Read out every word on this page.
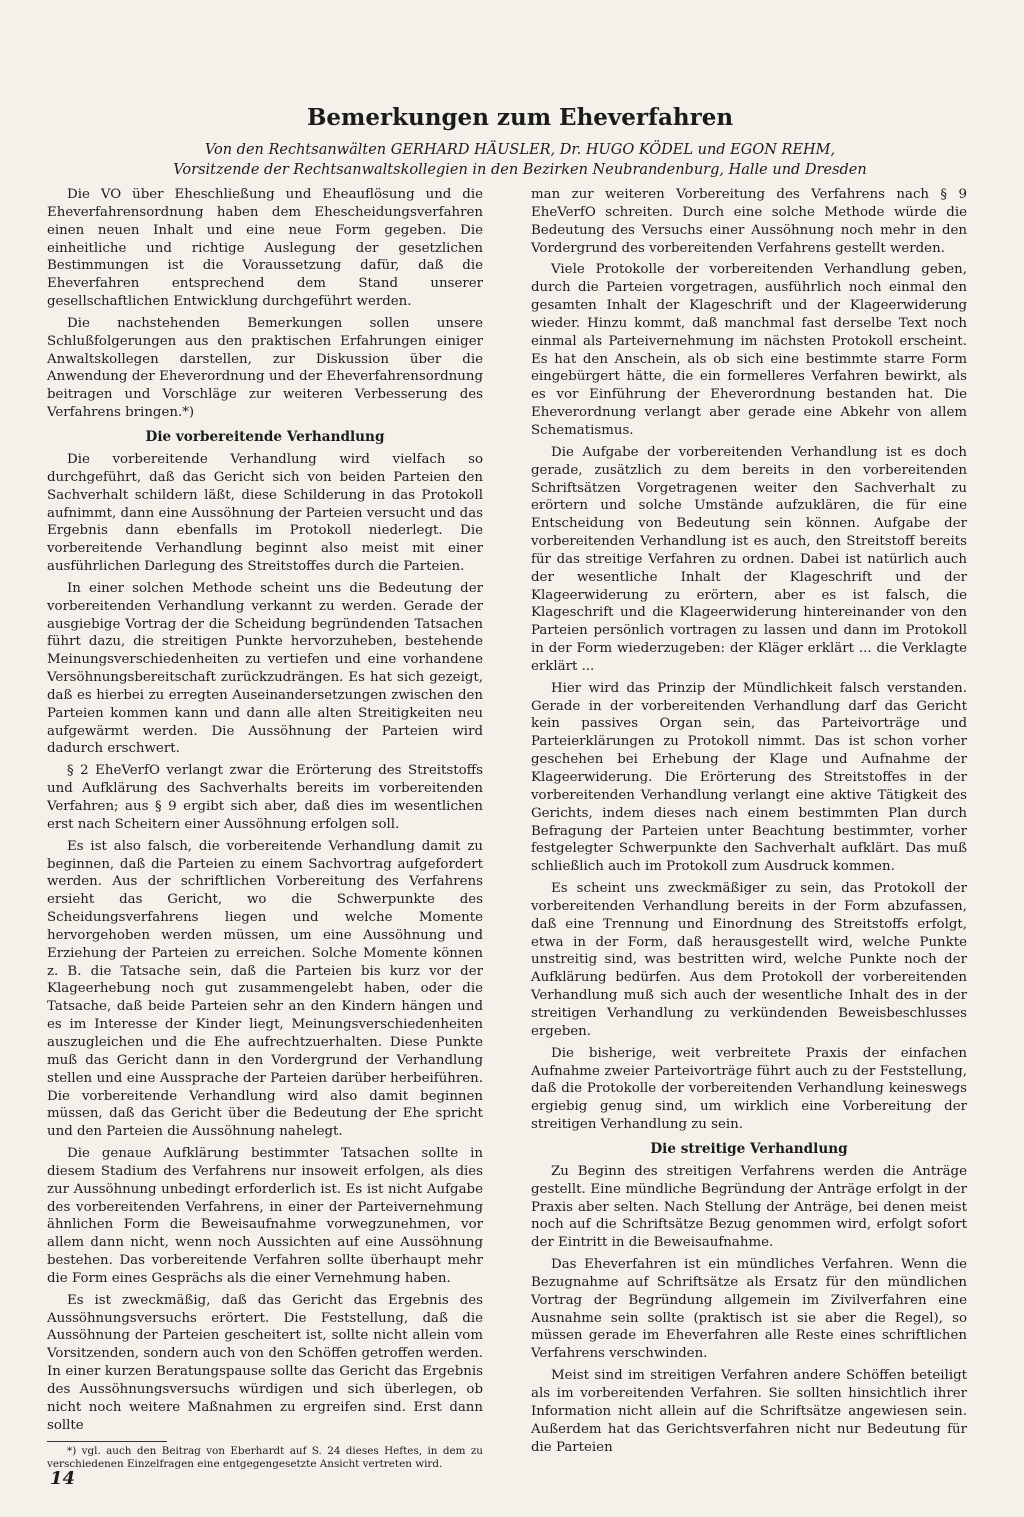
Bemerkungen zum Eheverfahren
Von den Rechtsanwälten GERHARD HÄUSLER, Dr. HUGO KÖDEL und EGON REHM,
Vorsitzende der Rechtsanwaltskollegien in den Bezirken Neubrandenburg, Halle und Dresden

Die VO über Eheschließung und Eheauflösung und die Eheverfahrensordnung haben dem Ehescheidungsverfahren einen neuen Inhalt und eine neue Form gegeben. Die einheitliche und richtige Auslegung der gesetzlichen Bestimmungen ist die Voraussetzung dafür, daß die Eheverfahren entsprechend dem Stand unserer gesellschaftlichen Entwicklung durchgeführt werden.

Die nachstehenden Bemerkungen sollen unsere Schlußfolgerungen aus den praktischen Erfahrungen einiger Anwaltskollegen darstellen, zur Diskussion über die Anwendung der Eheverordnung und der Eheverfahrensordnung beitragen und Vorschläge zur weiteren Verbesserung des Verfahrens bringen.*)

Die vorbereitende Verhandlung

Die vorbereitende Verhandlung wird vielfach so durchgeführt, daß das Gericht sich von beiden Parteien den Sachverhalt schildern läßt, diese Schilderung in das Protokoll aufnimmt, dann eine Aussöhnung der Parteien versucht und das Ergebnis dann ebenfalls im Protokoll niederlegt. Die vorbereitende Verhandlung beginnt also meist mit einer ausführlichen Darlegung des Streitstoffes durch die Parteien.

In einer solchen Methode scheint uns die Bedeutung der vorbereitenden Verhandlung verkannt zu werden. Gerade der ausgiebige Vortrag der die Scheidung begründenden Tatsachen führt dazu, die streitigen Punkte hervorzuheben, bestehende Meinungsverschiedenheiten zu vertiefen und eine vorhandene Versöhnungsbereitschaft zurückzudrängen. Es hat sich gezeigt, daß es hierbei zu erregten Auseinandersetzungen zwischen den Parteien kommen kann und dann alle alten Streitigkeiten neu aufgewärmt werden. Die Aussöhnung der Parteien wird dadurch erschwert.

§ 2 EheVerfO verlangt zwar die Erörterung des Streitstoffs und Aufklärung des Sachverhalts bereits im vorbereitenden Verfahren; aus § 9 ergibt sich aber, daß dies im wesentlichen erst nach Scheitern einer Aussöhnung erfolgen soll.

Es ist also falsch, die vorbereitende Verhandlung damit zu beginnen, daß die Parteien zu einem Sachvortrag aufgefordert werden. Aus der schriftlichen Vorbereitung des Verfahrens ersieht das Gericht, wo die Schwerpunkte des Scheidungsverfahrens liegen und welche Momente hervorgehoben werden müssen, um eine Aussöhnung und Erziehung der Parteien zu erreichen. Solche Momente können z. B. die Tatsache sein, daß die Parteien bis kurz vor der Klageerhebung noch gut zusammengelebt haben, oder die Tatsache, daß beide Parteien sehr an den Kindern hängen und es im Interesse der Kinder liegt, Meinungsverschiedenheiten auszugleichen und die Ehe aufrechtzuerhalten. Diese Punkte muß das Gericht dann in den Vordergrund der Verhandlung stellen und eine Aussprache der Parteien darüber herbeiführen. Die vorbereitende Verhandlung wird also damit beginnen müssen, daß das Gericht über die Bedeutung der Ehe spricht und den Parteien die Aussöhnung nahelegt.

Die genaue Aufklärung bestimmter Tatsachen sollte in diesem Stadium des Verfahrens nur insoweit erfolgen, als dies zur Aussöhnung unbedingt erforderlich ist. Es ist nicht Aufgabe des vorbereitenden Verfahrens, in einer der Parteivernehmung ähnlichen Form die Beweisaufnahme vorwegzunehmen, vor allem dann nicht, wenn noch Aussichten auf eine Aussöhnung bestehen. Das vorbereitende Verfahren sollte überhaupt mehr die Form eines Gesprächs als die einer Vernehmung haben.

Es ist zweckmäßig, daß das Gericht das Ergebnis des Aussöhnungsversuchs erörtert. Die Feststellung, daß die Aussöhnung der Parteien gescheitert ist, sollte nicht allein vom Vorsitzenden, sondern auch von den Schöffen getroffen werden. In einer kurzen Beratungspause sollte das Gericht das Ergebnis des Aussöhnungsversuchs würdigen und sich überlegen, ob nicht noch weitere Maßnahmen zu ergreifen sind. Erst dann sollte

*) vgl. auch den Beitrag von Eberhardt auf S. 24 dieses Heftes, in dem zu verschiedenen Einzelfragen eine entgegengesetzte Ansicht vertreten wird.

man zur weiteren Vorbereitung des Verfahrens nach § 9 EheVerfO schreiten. Durch eine solche Methode würde die Bedeutung des Versuchs einer Aussöhnung noch mehr in den Vordergrund des vorbereitenden Verfahrens gestellt werden.

Viele Protokolle der vorbereitenden Verhandlung geben, durch die Parteien vorgetragen, ausführlich noch einmal den gesamten Inhalt der Klageschrift und der Klageerwiderung wieder. Hinzu kommt, daß manchmal fast derselbe Text noch einmal als Parteivernehmung im nächsten Protokoll erscheint. Es hat den Anschein, als ob sich eine bestimmte starre Form eingebürgert hätte, die ein formelleres Verfahren bewirkt, als es vor Einführung der Eheverordnung bestanden hat. Die Eheverordnung verlangt aber gerade eine Abkehr von allem Schematismus.

Die Aufgabe der vorbereitenden Verhandlung ist es doch gerade, zusätzlich zu dem bereits in den vorbereitenden Schriftsätzen Vorgetragenen weiter den Sachverhalt zu erörtern und solche Umstände aufzuklären, die für eine Entscheidung von Bedeutung sein können. Aufgabe der vorbereitenden Verhandlung ist es auch, den Streitstoff bereits für das streitige Verfahren zu ordnen. Dabei ist natürlich auch der wesentliche Inhalt der Klageschrift und der Klageerwiderung zu erörtern, aber es ist falsch, die Klageschrift und die Klageerwiderung hintereinander von den Parteien persönlich vortragen zu lassen und dann im Protokoll in der Form wiederzugeben: der Kläger erklärt ... die Verklagte erklärt ...

Hier wird das Prinzip der Mündlichkeit falsch verstanden. Gerade in der vorbereitenden Verhandlung darf das Gericht kein passives Organ sein, das Parteivorträge und Parteierklärungen zu Protokoll nimmt. Das ist schon vorher geschehen bei Erhebung der Klage und Aufnahme der Klageerwiderung. Die Erörterung des Streitstoffes in der vorbereitenden Verhandlung verlangt eine aktive Tätigkeit des Gerichts, indem dieses nach einem bestimmten Plan durch Befragung der Parteien unter Beachtung bestimmter, vorher festgelegter Schwerpunkte den Sachverhalt aufklärt. Das muß schließlich auch im Protokoll zum Ausdruck kommen.

Es scheint uns zweckmäßiger zu sein, das Protokoll der vorbereitenden Verhandlung bereits in der Form abzufassen, daß eine Trennung und Einordnung des Streitstoffs erfolgt, etwa in der Form, daß herausgestellt wird, welche Punkte unstreitig sind, was bestritten wird, welche Punkte noch der Aufklärung bedürfen. Aus dem Protokoll der vorbereitenden Verhandlung muß sich auch der wesentliche Inhalt des in der streitigen Verhandlung zu verkündenden Beweisbeschlusses ergeben.

Die bisherige, weit verbreitete Praxis der einfachen Aufnahme zweier Parteivorträge führt auch zu der Feststellung, daß die Protokolle der vorbereitenden Verhandlung keineswegs ergiebig genug sind, um wirklich eine Vorbereitung der streitigen Verhandlung zu sein.

Die streitige Verhandlung

Zu Beginn des streitigen Verfahrens werden die Anträge gestellt. Eine mündliche Begründung der Anträge erfolgt in der Praxis aber selten. Nach Stellung der Anträge, bei denen meist noch auf die Schriftsätze Bezug genommen wird, erfolgt sofort der Eintritt in die Beweisaufnahme.

Das Eheverfahren ist ein mündliches Verfahren. Wenn die Bezugnahme auf Schriftsätze als Ersatz für den mündlichen Vortrag der Begründung allgemein im Zivilverfahren eine Ausnahme sein sollte (praktisch ist sie aber die Regel), so müssen gerade im Eheverfahren alle Reste eines schriftlichen Verfahrens verschwinden.

Meist sind im streitigen Verfahren andere Schöffen beteiligt als im vorbereitenden Verfahren. Sie sollten hinsichtlich ihrer Information nicht allein auf die Schriftsätze angewiesen sein. Außerdem hat das Gerichtsverfahren nicht nur Bedeutung für die Parteien

14
